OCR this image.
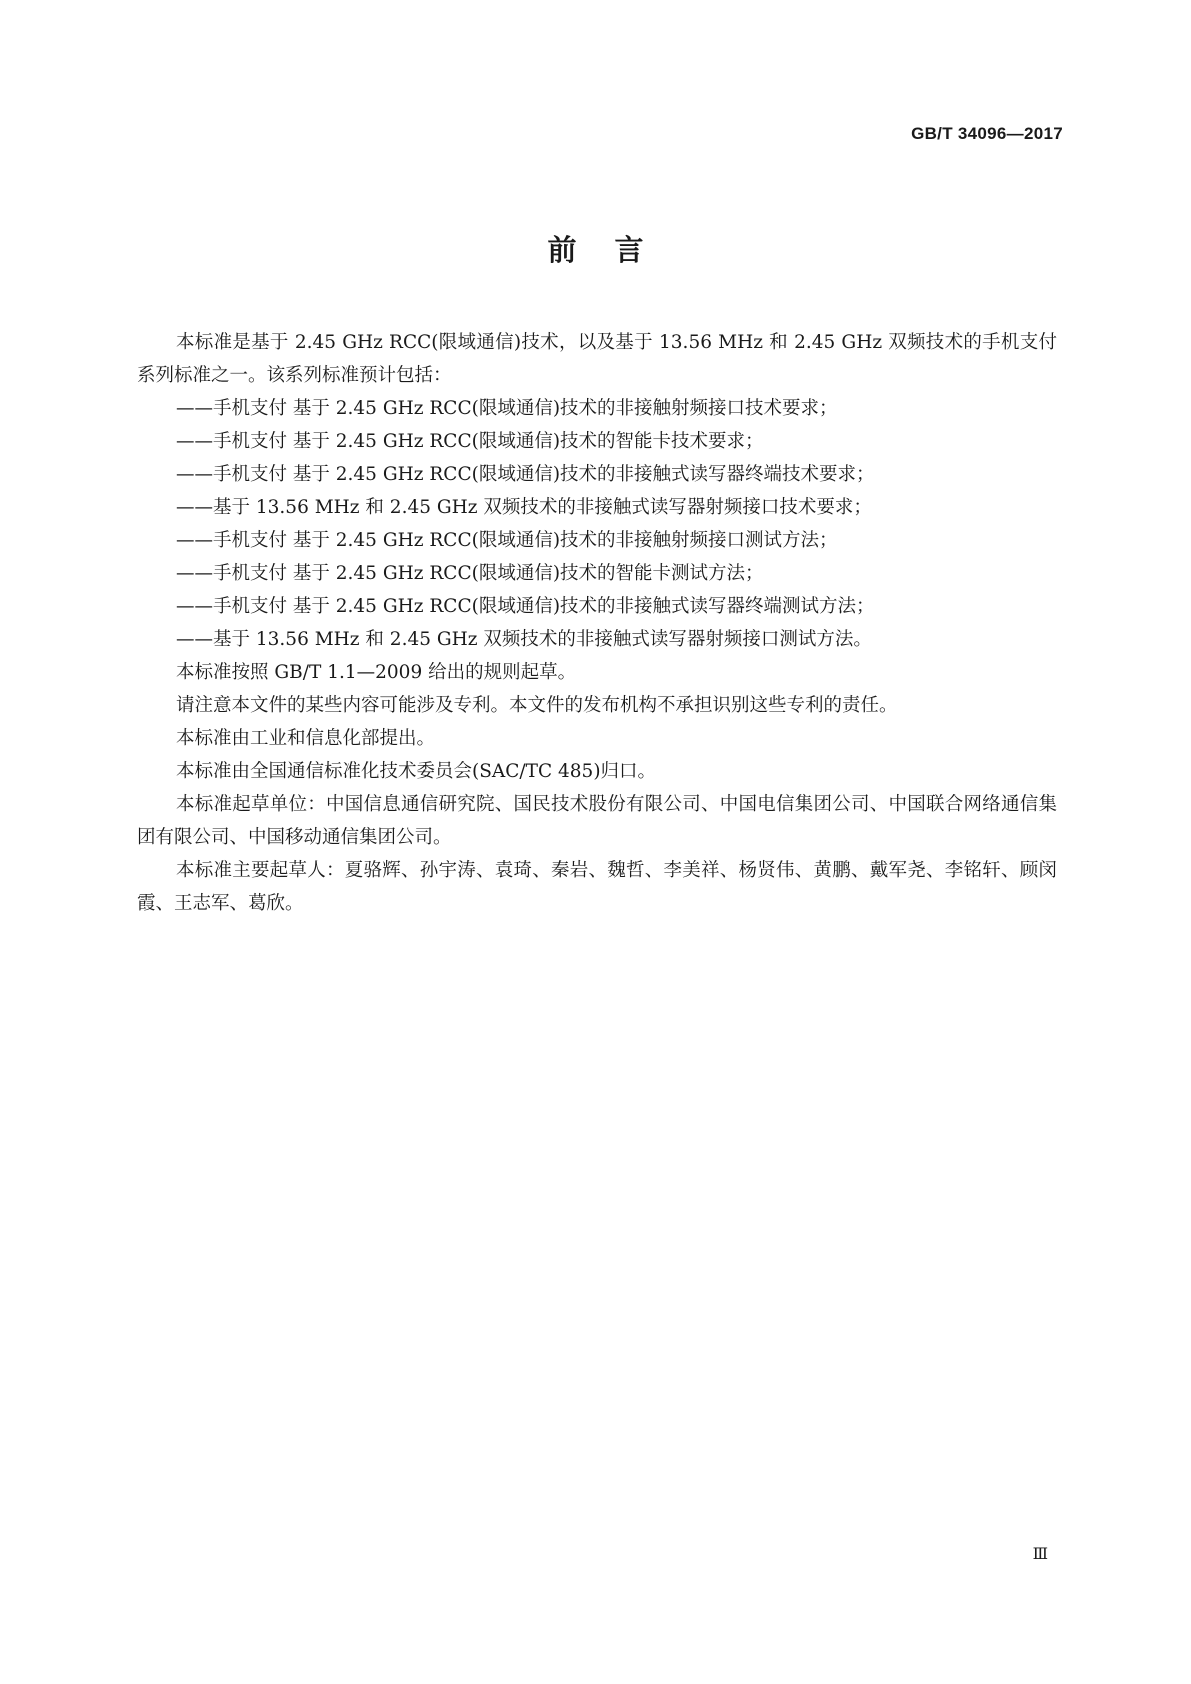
GB/T 34096—2017
前言

本标准是基于 2.45 GHz RCC(限域通信)技术，以及基于 13.56 MHz 和 2.45 GHz 双频技术的手机支付系列标准之一。该系列标准预计包括：

——手机支付 基于 2.45 GHz RCC(限域通信)技术的非接触射频接口技术要求；

——手机支付 基于 2.45 GHz RCC(限域通信)技术的智能卡技术要求；

——手机支付 基于 2.45 GHz RCC(限域通信)技术的非接触式读写器终端技术要求；

——基于 13.56 MHz 和 2.45 GHz 双频技术的非接触式读写器射频接口技术要求；

——手机支付 基于 2.45 GHz RCC(限域通信)技术的非接触射频接口测试方法；

——手机支付 基于 2.45 GHz RCC(限域通信)技术的智能卡测试方法；

——手机支付 基于 2.45 GHz RCC(限域通信)技术的非接触式读写器终端测试方法；

——基于 13.56 MHz 和 2.45 GHz 双频技术的非接触式读写器射频接口测试方法。

本标准按照 GB/T 1.1—2009 给出的规则起草。

请注意本文件的某些内容可能涉及专利。本文件的发布机构不承担识别这些专利的责任。

本标准由工业和信息化部提出。

本标准由全国通信标准化技术委员会(SAC/TC 485)归口。

本标准起草单位：中国信息通信研究院、国民技术股份有限公司、中国电信集团公司、中国联合网络通信集团有限公司、中国移动通信集团公司。

本标准主要起草人：夏骆辉、孙宇涛、袁琦、秦岩、魏哲、李美祥、杨贤伟、黄鹏、戴军尧、李铭轩、顾闵霞、王志军、葛欣。

Ⅲ
